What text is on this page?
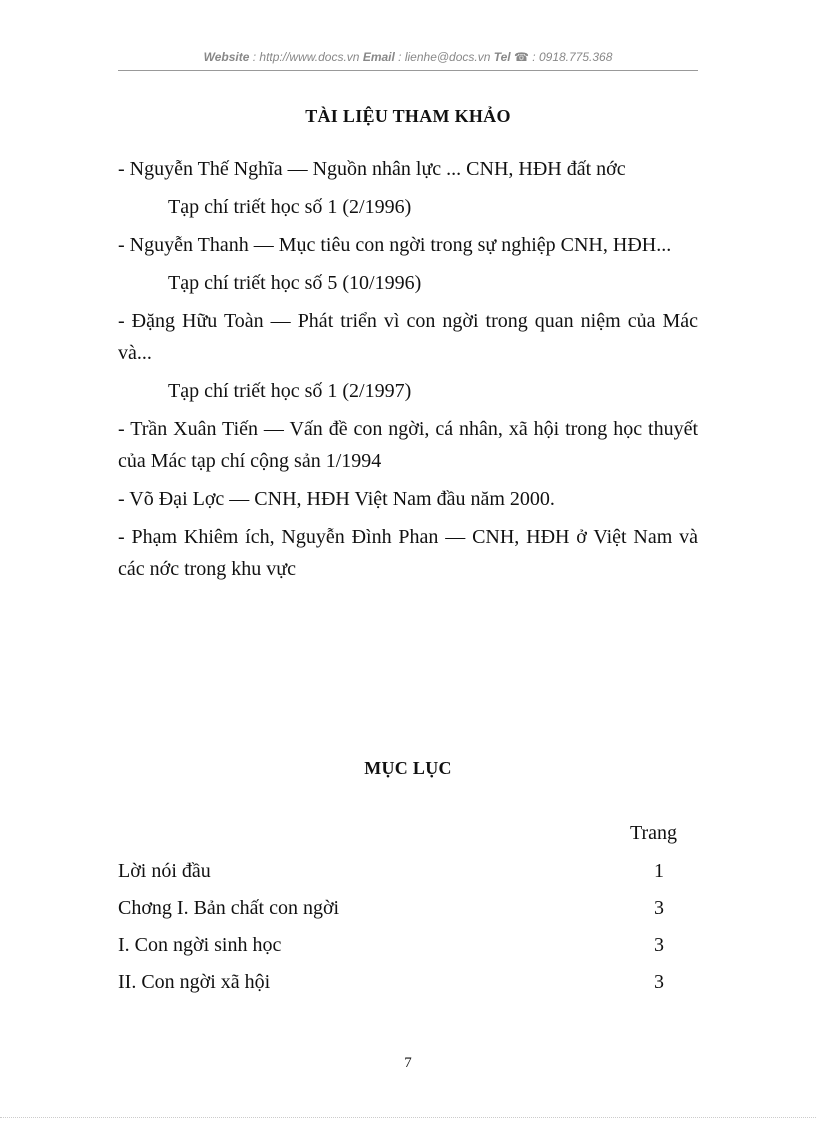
Website : http://www.docs.vn Email : lienhe@docs.vn Tel ☎ : 0918.775.368
TÀI LIỆU THAM KHẢO
- Nguyễn Thế Nghĩa — Nguồn nhân lực ... CNH, HĐH đất nớc
Tạp chí triết học số 1 (2/1996)
- Nguyễn Thanh — Mục tiêu con ngời trong sự nghiệp CNH, HĐH...
Tạp chí triết học số 5 (10/1996)
- Đặng Hữu Toàn — Phát triển vì con ngời trong quan niệm của Mác và...
Tạp chí triết học số 1 (2/1997)
- Trần Xuân Tiến — Vấn đề con ngời, cá nhân, xã hội trong học thuyết của Mác tạp chí cộng sản 1/1994
- Võ Đại Lợc — CNH, HĐH Việt Nam đầu năm 2000.
- Phạm Khiêm ích, Nguyễn Đình Phan — CNH, HĐH ở Việt Nam và các nớc trong khu vực
MỤC LỤC
Trang
Lời nói đầu	1
Chơng I. Bản chất con ngời	3
I. Con ngời sinh học	3
II. Con ngời xã hội	3
7
